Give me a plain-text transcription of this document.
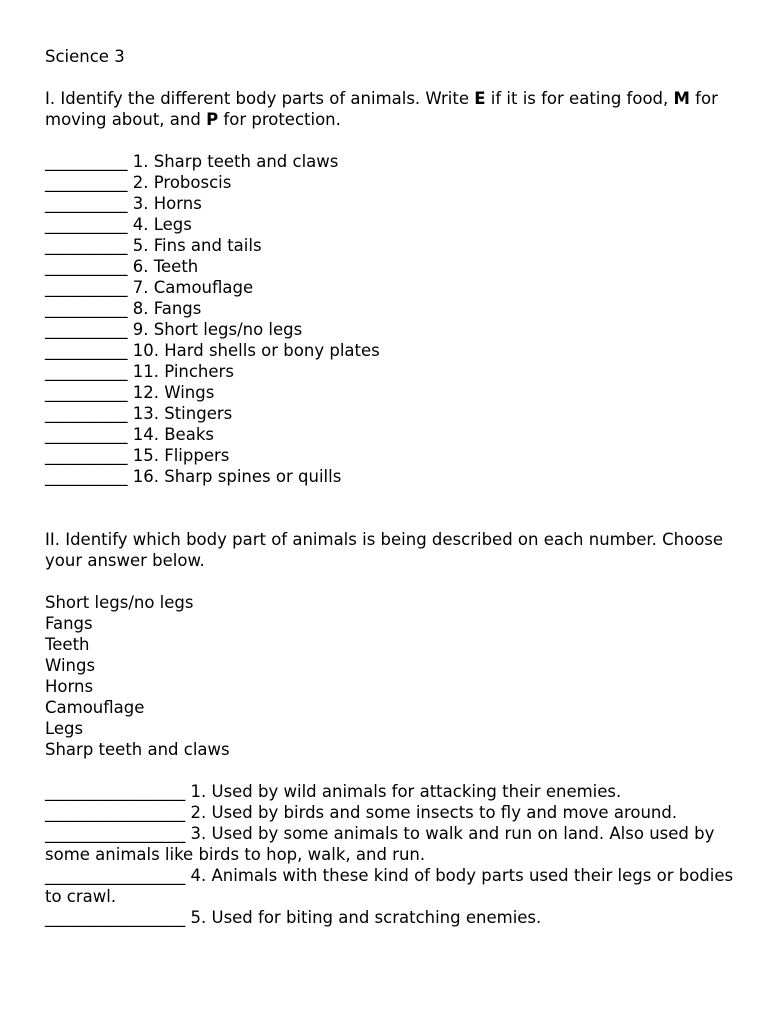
Science 3
I. Identify the different body parts of animals. Write E if it is for eating food, M for moving about, and P for protection.
__________ 1. Sharp teeth and claws
__________ 2. Proboscis
__________ 3. Horns
__________ 4. Legs
__________ 5. Fins and tails
__________ 6. Teeth
__________ 7. Camouflage
__________ 8. Fangs
__________ 9. Short legs/no legs
__________ 10. Hard shells or bony plates
__________ 11. Pinchers
__________ 12. Wings
__________ 13. Stingers
__________ 14. Beaks
__________ 15. Flippers
__________ 16. Sharp spines or quills
II. Identify which body part of animals is being described on each number. Choose your answer below.
Short legs/no legs
Fangs
Teeth
Wings
Horns
Camouflage
Legs
Sharp teeth and claws
_________________ 1. Used by wild animals for attacking their enemies.
_________________ 2. Used by birds and some insects to fly and move around.
_________________ 3. Used by some animals to walk and run on land. Also used by some animals like birds to hop, walk, and run.
_________________ 4. Animals with these kind of body parts used their legs or bodies to crawl.
_________________ 5. Used for biting and scratching enemies.
